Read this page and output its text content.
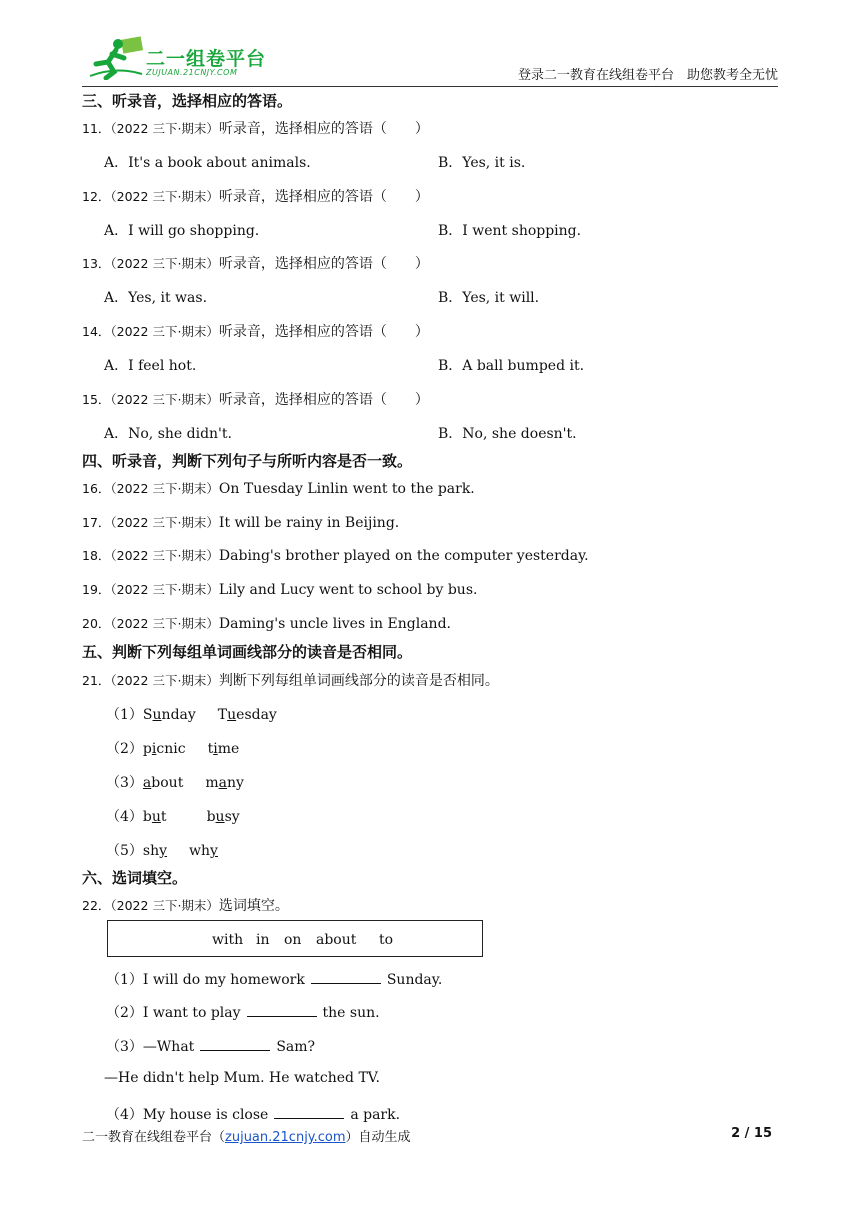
二一组卷平台
ZUJUAN.21CNJY.COM	登录二一教育在线组卷平台　助您教考全无忧
三、听录音，选择相应的答语。
11．（2022 三下·期末）听录音，选择相应的答语（　　）
A．It's a book about animals.	B．Yes, it is.
12．（2022 三下·期末）听录音，选择相应的答语（　　）
A．I will go shopping.	B．I went shopping.
13．（2022 三下·期末）听录音，选择相应的答语（　　）
A．Yes, it was.	B．Yes, it will.
14．（2022 三下·期末）听录音，选择相应的答语（　　）
A．I feel hot.	B．A ball bumped it.
15．（2022 三下·期末）听录音，选择相应的答语（　　）
A．No, she didn't.	B．No, she doesn't.
四、听录音，判断下列句子与所听内容是否一致。
16．（2022 三下·期末）On Tuesday Linlin went to the park.
17．（2022 三下·期末）It will be rainy in Beijing.
18．（2022 三下·期末）Dabing's brother played on the computer yesterday.
19．（2022 三下·期末）Lily and Lucy went to school by bus.
20．（2022 三下·期末）Daming's uncle lives in England.
五、判断下列每组单词画线部分的读音是否相同。
21．（2022 三下·期末）判断下列每组单词画线部分的读音是否相同。
（1）Sunday Tuesday
（2）picnic time
（3）about many
（4）but	busy
（5）shy why
六、选词填空。
22．（2022 三下·期末）选词填空。
with in on about to
（1）I will do my homework	Sunday.
（2）I want to play	the sun.
（3）—What	Sam?
—He didn't help Mum. He watched TV.
（4）My house is close	a park.
二一教育在线组卷平台（zujuan.21cnjy.com）自动生成	2 / 15
